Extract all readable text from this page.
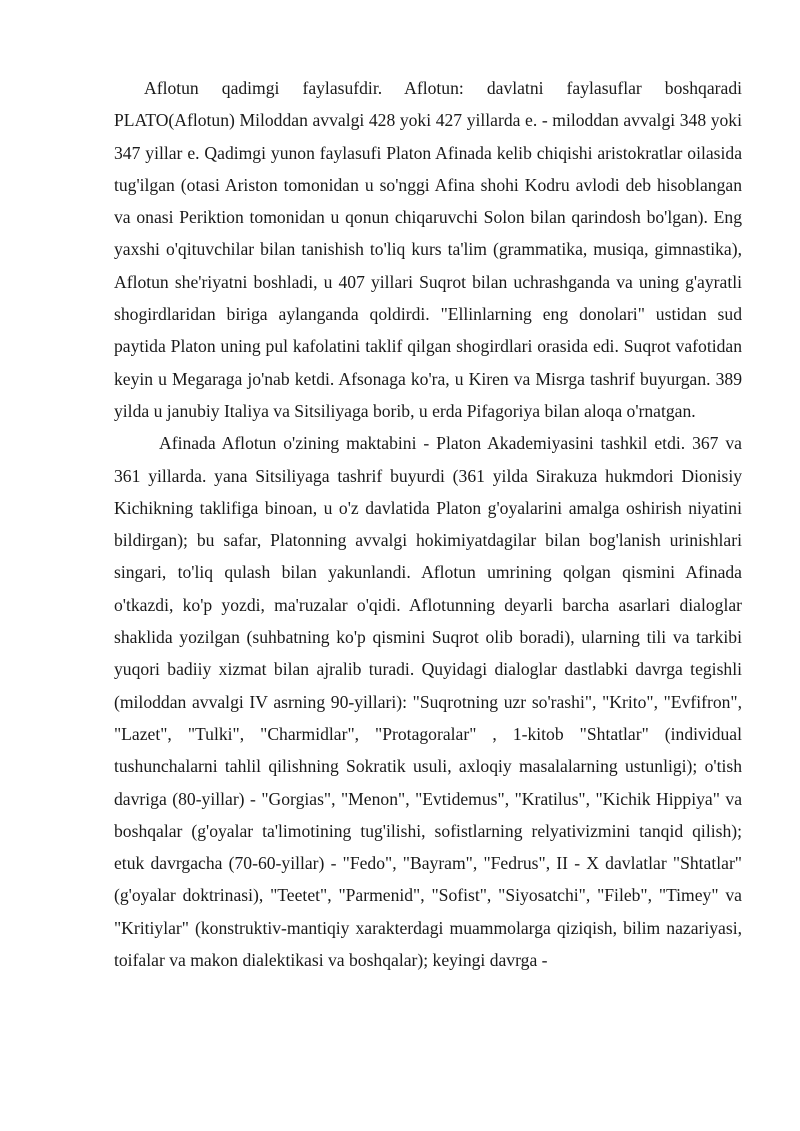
Aflotun qadimgi faylasufdir. Aflotun: davlatni faylasuflar boshqaradi PLATO(Aflotun) Miloddan avvalgi 428 yoki 427 yillarda e. - miloddan avvalgi 348 yoki 347 yillar e. Qadimgi yunon faylasufi Platon Afinada kelib chiqishi aristokratlar oilasida tug'ilgan (otasi Ariston tomonidan u so'nggi Afina shohi Kodru avlodi deb hisoblangan va onasi Periktion tomonidan u qonun chiqaruvchi Solon bilan qarindosh bo'lgan). Eng yaxshi o'qituvchilar bilan tanishish to'liq kurs ta'lim (grammatika, musiqa, gimnastika), Aflotun she'riyatni boshladi, u 407 yillari Suqrot bilan uchrashganda va uning g'ayratli shogirdlaridan biriga aylanganda qoldirdi. "Ellinlarning eng donolari" ustidan sud paytida Platon uning pul kafolatini taklif qilgan shogirdlari orasida edi. Suqrot vafotidan keyin u Megaraga jo'nab ketdi. Afsonaga ko'ra, u Kiren va Misrga tashrif buyurgan. 389 yilda u janubiy Italiya va Sitsiliyaga borib, u erda Pifagoriya bilan aloqa o'rnatgan.

Afinada Aflotun o'zining maktabini - Platon Akademiyasini tashkil etdi. 367 va 361 yillarda. yana Sitsiliyaga tashrif buyurdi (361 yilda Sirakuza hukmdori Dionisiy Kichikning taklifiga binoan, u o'z davlatida Platon g'oyalarini amalga oshirish niyatini bildirgan); bu safar, Platonning avvalgi hokimiyatdagilar bilan bog'lanish urinishlari singari, to'liq qulash bilan yakunlandi. Aflotun umrining qolgan qismini Afinada o'tkazdi, ko'p yozdi, ma'ruzalar o'qidi. Aflotunning deyarli barcha asarlari dialoglar shaklida yozilgan (suhbatning ko'p qismini Suqrot olib boradi), ularning tili va tarkibi yuqori badiiy xizmat bilan ajralib turadi. Quyidagi dialoglar dastlabki davrga tegishli (miloddan avvalgi IV asrning 90-yillari): "Suqrotning uzr so'rashi", "Krito", "Evfifron", "Lazet", "Tulki", "Charmidlar", "Protagoralar" , 1-kitob "Shtatlar" (individual tushunchalarni tahlil qilishning Sokratik usuli, axloqiy masalalarning ustunligi); o'tish davriga (80-yillar) - "Gorgias", "Menon", "Evtidemus", "Kratilus", "Kichik Hippiya" va boshqalar (g'oyalar ta'limotining tug'ilishi, sofistlarning relyativizmini tanqid qilish); etuk davrgacha (70-60-yillar) - "Fedo", "Bayram", "Fedrus", II - X davlatlar "Shtatlar" (g'oyalar doktrinasi), "Teetet", "Parmenid", "Sofist", "Siyosatchi", "Fileb", "Timey" va "Kritiylar" (konstruktiv-mantiqiy xarakterdagi muammolarga qiziqish, bilim nazariyasi, toifalar va makon dialektikasi va boshqalar); keyingi davrga -
